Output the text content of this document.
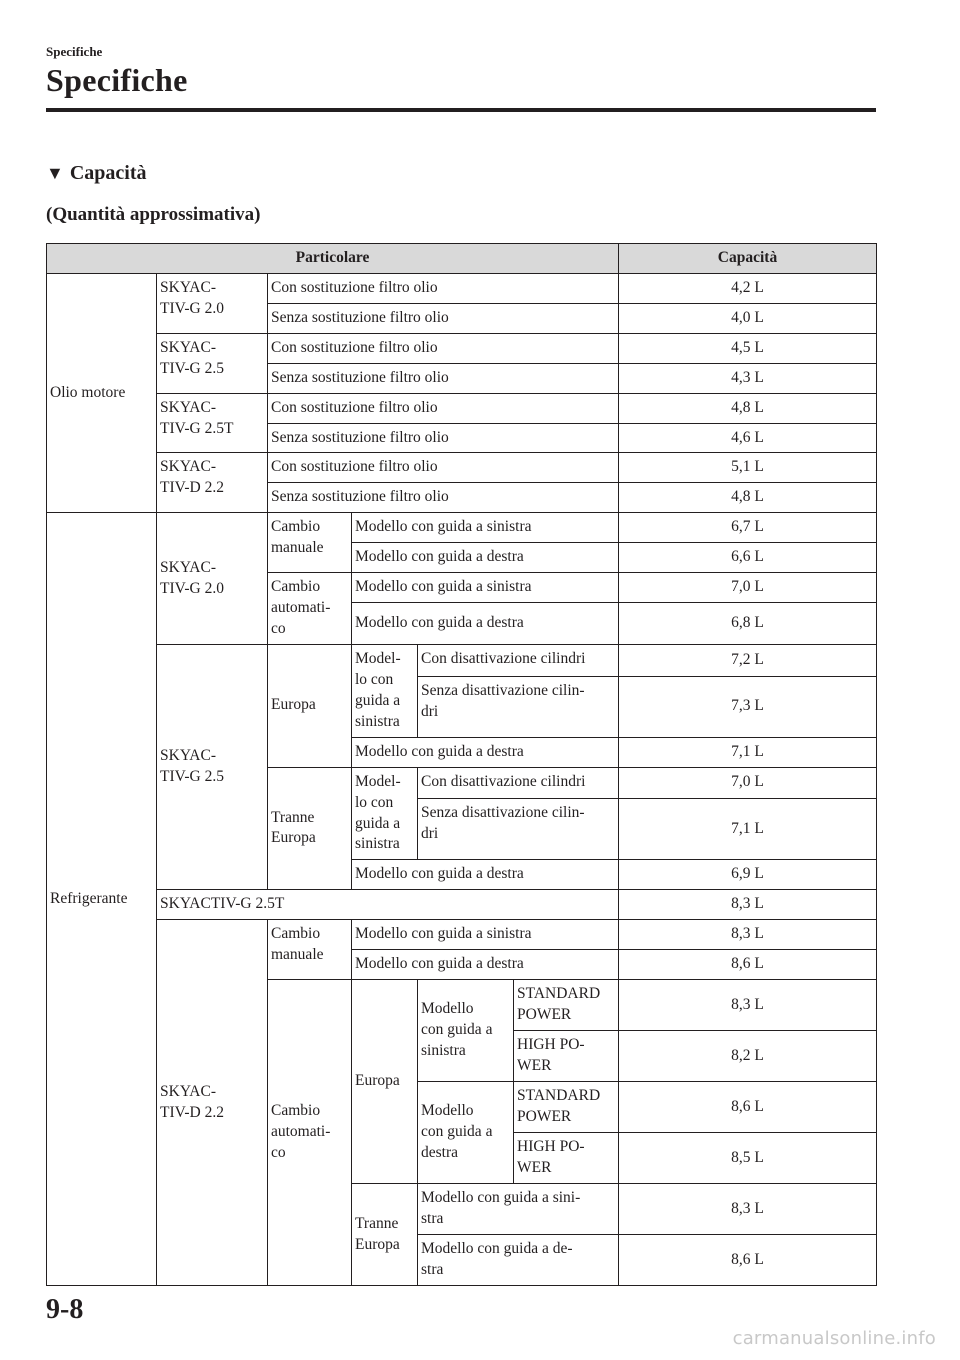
Specifiche
Specifiche
▼ Capacità
(Quantità approssimativa)
Particolare						Capacità
Olio motore	SKYAC-
TIV-G 2.0	Con sostituzione filtro olio				4,2 L
		Senza sostituzione filtro olio				4,0 L
	SKYAC-
TIV-G 2.5	Con sostituzione filtro olio				4,5 L
		Senza sostituzione filtro olio				4,3 L
	SKYAC-
TIV-G 2.5T	Con sostituzione filtro olio				4,8 L
		Senza sostituzione filtro olio				4,6 L
	SKYAC-
TIV-D 2.2	Con sostituzione filtro olio				5,1 L
		Senza sostituzione filtro olio				4,8 L
Refrigerante	SKYAC-
TIV-G 2.0	Cambio
manuale	Modello con guida a sinistra			6,7 L
			Modello con guida a destra			6,6 L
		Cambio
automati-
co	Modello con guida a sinistra			7,0 L
			Modello con guida a destra			6,8 L
	SKYAC-
TIV-G 2.5	Europa	Model-
lo con
guida a
sinistra	Con disattivazione cilindri		7,2 L
				Senza disattivazione cilin-
dri		7,3 L
			Modello con guida a destra			7,1 L
		Tranne
Europa	Model-
lo con
guida a
sinistra	Con disattivazione cilindri		7,0 L
				Senza disattivazione cilin-
dri		7,1 L
			Modello con guida a destra			6,9 L
	SKYACTIV-G 2.5T					8,3 L
	SKYAC-
TIV-D 2.2	Cambio
manuale	Modello con guida a sinistra			8,3 L
			Modello con guida a destra			8,6 L
		Cambio
automati-
co	Europa	Modello
con guida a
sinistra	STANDARD
POWER	8,3 L

					HIGH PO-
WER	8,2 L

				Modello
con guida a
destra	STANDARD
POWER	8,6 L

					HIGH PO-
WER	8,5 L

			Tranne
Europa	Modello con guida a sini-
stra		8,3 L

				Modello con guida a de-
stra		8,6 L

9-8
carmanualsonline.info
